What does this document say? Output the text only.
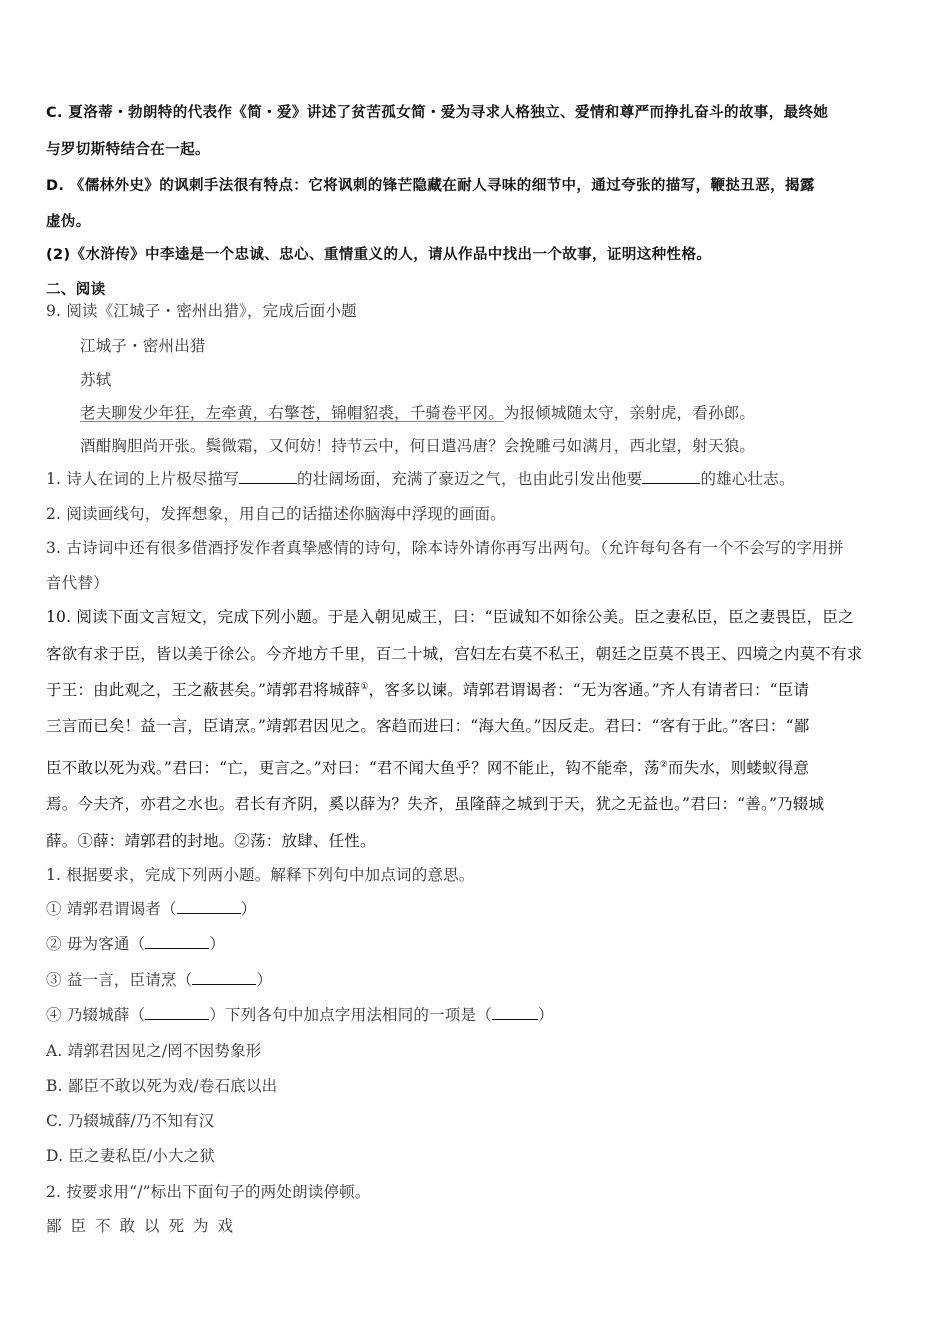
C. 夏洛蒂・勃朗特的代表作《简・爱》讲述了贫苦孤女简・爱为寻求人格独立、爱情和尊严而挣扎奋斗的故事，最终她
与罗切斯特结合在一起。
D. 《儒林外史》的讽刺手法很有特点：它将讽刺的锋芒隐藏在耐人寻味的细节中，通过夸张的描写，鞭挞丑恶，揭露
虚伪。
(2)《水浒传》中李逵是一个忠诚、忠心、重情重义的人，请从作品中找出一个故事，证明这种性格。
二、阅读
9. 阅读《江城子・密州出猎》，完成后面小题
江城子・密州出猎
苏轼
老夫聊发少年狂，左牵黄，右擎苍，锦帽貂裘，千骑卷平冈。为报倾城随太守，亲射虎，看孙郎。
酒酣胸胆尚开张。鬓微霜，又何妨！持节云中，何日遣冯唐？会挽雕弓如满月，西北望，射天狼。
1. 诗人在词的上片极尽描写	的壮阔场面，充满了豪迈之气，也由此引发出他要	的雄心壮志。
2. 阅读画线句，发挥想象，用自己的话描述你脑海中浮现的画面。
3. 古诗词中还有很多借酒抒发作者真挚感情的诗句，除本诗外请你再写出两句。（允许每句各有一个不会写的字用拼
音代替）
10. 阅读下面文言短文，完成下列小题。于是入朝见威王，曰：“臣诚知不如徐公美。臣之妻私臣，臣之妻畏臣，臣之
客欲有求于臣，皆以美于徐公。今齐地方千里，百二十城，宫妇左右莫不私王，朝廷之臣莫不畏王、四境之内莫不有求
于王：由此观之，王之蔽甚矣。”靖郭君将城薛①，客多以谏。靖郭君谓谒者：“无为客通。”齐人有请者曰：“臣请
三言而已矣！益一言，臣请烹。”靖郭君因见之。客趋而进曰：“海大鱼。”因反走。君曰：“客有于此。”客曰：“鄙
臣不敢以死为戏。”君曰：“亡，更言之。”对曰：“君不闻大鱼乎？网不能止，钩不能牵，荡②而失水，则蝼蚁得意
焉。今夫齐，亦君之水也。君长有齐阴，奚以薛为？失齐，虽隆薛之城到于天，犹之无益也。”君曰：“善。”乃辍城
薛。①薛：靖郭君的封地。②荡：放肆、任性。
1. 根据要求，完成下列两小题。解释下列句中加点词的意思。
① 靖郭君谓谒者（	）
② 毋为客通（	）
③ 益一言，臣请烹（	）
④ 乃辍城薛（	）下列各句中加点字用法相同的一项是（	）
A. 靖郭君因见之/罔不因势象形
B. 鄙臣不敢以死为戏/卷石底以出
C. 乃辍城薛/乃不知有汉
D. 臣之妻私臣/小大之狱
2. 按要求用“/”标出下面句子的两处朗读停顿。
鄙臣不敢以死为戏
